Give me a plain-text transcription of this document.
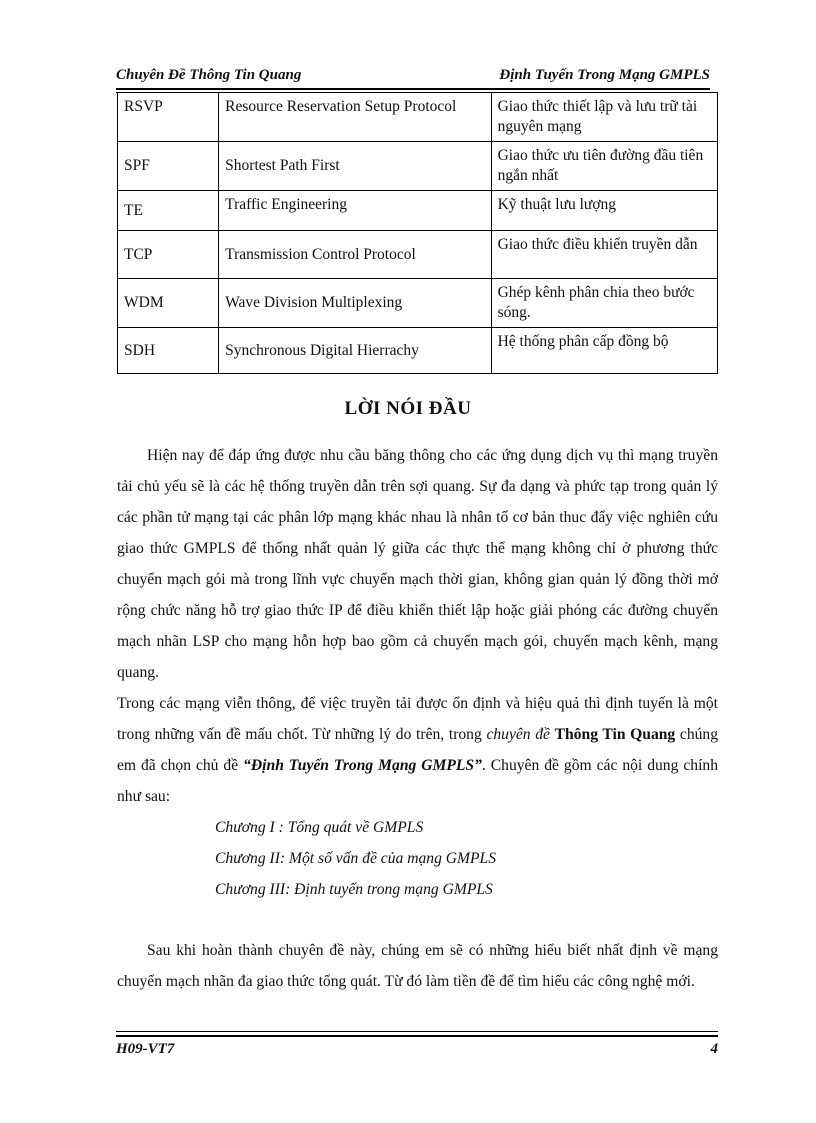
Chuyên Đề Thông Tin Quang	Định Tuyến Trong Mạng GMPLS
RSVP	Resource Reservation Setup Protocol	Giao thức thiết lập và lưu trữ tài nguyên mạng
SPF	Shortest Path First	Giao thức ưu tiên đường đầu tiên ngắn nhất
TE	Traffic Engineering	Kỹ thuật lưu lượng
TCP	Transmission Control Protocol	Giao thức điều khiển truyền dẫn
WDM	Wave Division Multiplexing	Ghép kênh phân chia theo bước sóng.
SDH	Synchronous Digital Hierrachy	Hệ thống phân cấp đồng bộ
LỜI NÓI ĐẦU

Hiện nay để đáp ứng được nhu cầu băng thông cho các ứng dụng dịch vụ thì mạng truyền tải chủ yếu sẽ là các hệ thống truyền dẫn trên sợi quang. Sự đa dạng và phức tạp trong quản lý các phần tử mạng tại các phân lớp mạng khác nhau là nhân tố cơ bản thuc đẩy việc nghiên cứu giao thức GMPLS để thống nhất quản lý giữa các thực thể mạng không chỉ ở phương thức chuyển mạch gói mà trong lĩnh vực chuyển mạch thời gian, không gian quản lý đồng thời mở rộng chức năng hỗ trợ giao thức IP để điều khiển thiết lập hoặc giải phóng các đường chuyển mạch nhãn LSP cho mạng hỗn hợp bao gồm cả chuyển mạch gói, chuyển mạch kênh, mạng quang.

Trong các mạng viễn thông, để việc truyền tải được ổn định và hiệu quả thì định tuyến là một trong những vấn đề mấu chốt. Từ những lý do trên, trong chuyên đề Thông Tin Quang chúng em đã chọn chủ đề “Định Tuyến Trong Mạng GMPLS”. Chuyên đề gồm các nội dung chính như sau:

Chương I : Tổng quát về GMPLS

Chương II: Một số vấn đề của mạng GMPLS

Chương III: Định tuyến trong mạng GMPLS

Sau khi hoàn thành chuyên đề này, chúng em sẽ có những hiểu biết nhất định về mạng chuyển mạch nhãn đa giao thức tổng quát. Từ đó làm tiền đề để tìm hiểu các công nghệ mới.

H09-VT7	4
